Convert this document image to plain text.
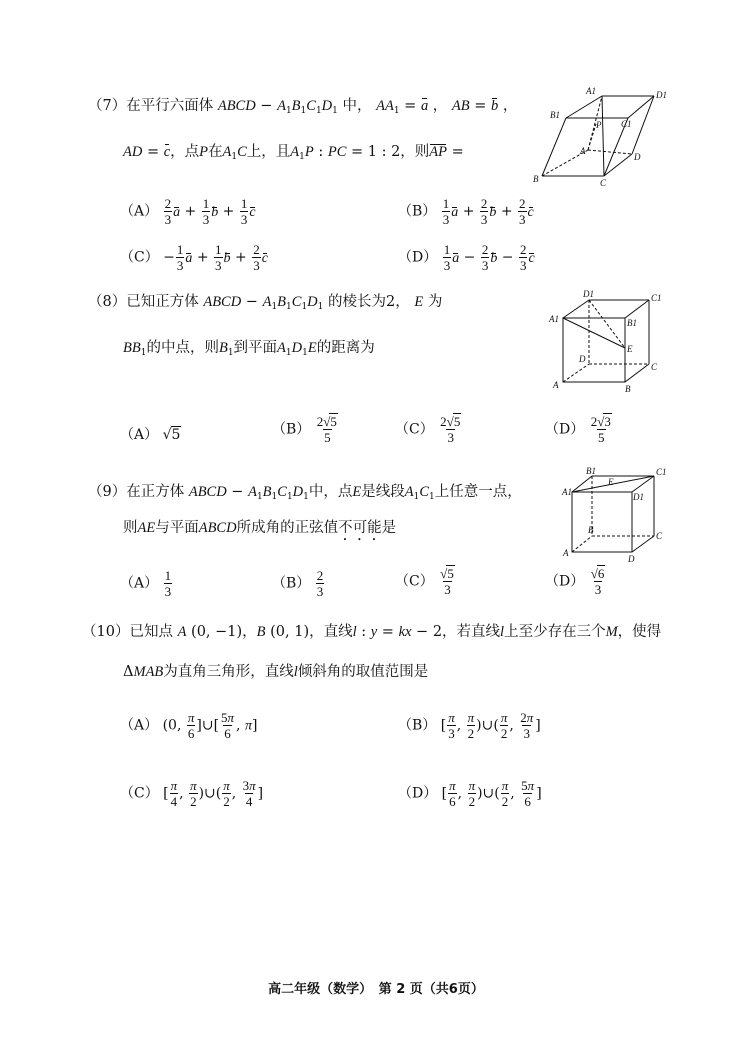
（7）在平行六面体 ABCD − $A_1B_1C_1D_1$ 中， $AA_1 = a$ ， AB = b ，
AD = c，点P在$A_1C$上，且$A_1P$ : PC = 1 : 2，则AP =
$(A) \frac{2}{3}$ $a + \frac{1}{3}$ $b + \frac{1}{3}$ c	$(B) \frac{1}{3}$ $a + \frac{2}{3}$ $b + \frac{2}{3}$ c
$(C) - \frac{1}{3}$ $a + \frac{1}{3}$ $b + \frac{2}{3}$ c	$(D) \frac{1}{3}$ $a - \frac{2}{3}$ $b - \frac{2}{3}$ c
A1	D1
B1
C1
P
A
D
B	C
（8）已知正方体 ABCD − $A_1B_1C_1D_1$ 的棱长为2， E 为
$BB_1$的中点，则$B_1$到平面$A_1D_1E$的距离为
（A） √5	$(B) \frac{2√5}{5}$	$(C) \frac{2√5}{3}$	$(D) \frac{2√3}{5}$
D1	C1
A1	B1
E
D
C
A	B
（9）在正方体 ABCD − $A_1B_1C_1D_1$中，点E是线段$A_1C_1$上任意一点，
则AE与平面ABCD所成角的正弦值不可能是
$(A) \frac{1}{3}$	$(B) \frac{2}{3}$	$(C) \frac{√5}{3}$	$(D) \frac{√6}{3}$
B1	C1
A1
E
D1
B
C
A
D
（10）已知点 A (0, −1)，B (0, 1)，直线l : y = kx − 2，若直线l上至少存在三个M，使得
ΔMAB为直角三角形，直线l倾斜角的取值范围是
（A） (0, $\frac{\pi}{6}$ ]∪[ $\frac{5\pi}{6}$ , π]	（B） [ $\frac{\pi}{3}$ , $\frac{\pi}{2}$ )∪( $\frac{\pi}{2}$ , $\frac{2\pi}{3}$ ]
（C） [ $\frac{\pi}{4}$ , $\frac{\pi}{2}$ )∪( $\frac{\pi}{2}$ , $\frac{3\pi}{4}$ ]	（D） [ $\frac{\pi}{6}$ , $\frac{\pi}{2}$ )∪( $\frac{\pi}{2}$ , $\frac{5\pi}{6}$ ]
高二年级（数学）　第 2 页（共6页）
